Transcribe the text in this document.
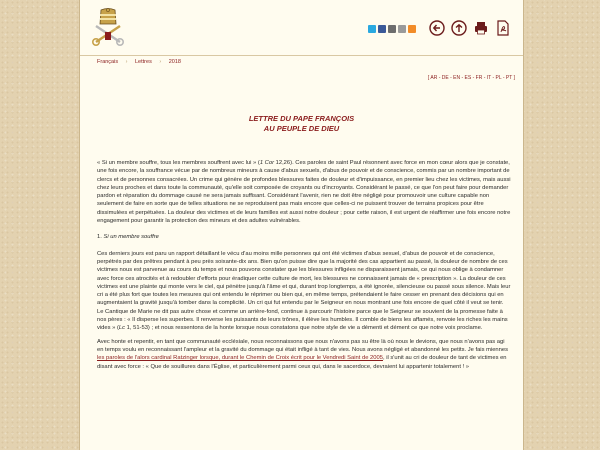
Français › Lettres › 2018
[ AR - DE - EN - ES - FR - IT - PL - PT ]
LETTRE DU PAPE FRANÇOIS
AU PEUPLE DE DIEU

« Si un membre souffre, tous les membres souffrent avec lui » (1 Cor 12,26). Ces paroles de saint Paul résonnent avec force en mon cœur alors que je constate, une fois encore, la souffrance vécue par de nombreux mineurs à cause d'abus sexuels, d'abus de pouvoir et de conscience, commis par un nombre important de clercs et de personnes consacrées. Un crime qui génère de profondes blessures faites de douleur et d'impuissance, en premier lieu chez les victimes, mais aussi chez leurs proches et dans toute la communauté, qu'elle soit composée de croyants ou d'incroyants. Considérant le passé, ce que l'on peut faire pour demander pardon et réparation du dommage causé ne sera jamais suffisant. Considérant l'avenir, rien ne doit être négligé pour promouvoir une culture capable non seulement de faire en sorte que de telles situations ne se reproduisent pas mais encore que celles-ci ne puissent trouver de terrains propices pour être dissimulées et perpétuées. La douleur des victimes et de leurs familles est aussi notre douleur ; pour cette raison, il est urgent de réaffirmer une fois encore notre engagement pour garantir la protection des mineurs et des adultes vulnérables.

1. Si un membre souffre

Ces derniers jours est paru un rapport détaillant le vécu d'au moins mille personnes qui ont été victimes d'abus sexuel, d'abus de pouvoir et de conscience, perpétrés par des prêtres pendant à peu près soixante-dix ans. Bien qu'on puisse dire que la majorité des cas appartient au passé, la douleur de nombre de ces victimes nous est parvenue au cours du temps et nous pouvons constater que les blessures infligées ne disparaissent jamais, ce qui nous oblige à condamner avec force ces atrocités et à redoubler d'efforts pour éradiquer cette culture de mort, les blessures ne connaissent jamais de « prescription ». La douleur de ces victimes est une plainte qui monte vers le ciel, qui pénètre jusqu'à l'âme et qui, durant trop longtemps, a été ignorée, silencieuse ou passé sous silence. Mais leur cri a été plus fort que toutes les mesures qui ont entendu le réprimer ou bien qui, en même temps, prétendaient le faire cesser en prenant des décisions qui en augmentaient la gravité jusqu'à tomber dans la complicité. Un cri qui fut entendu par le Seigneur en nous montrant une fois encore de quel côté il veut se tenir. Le Cantique de Marie ne dit pas autre chose et comme un arrière-fond, continue à parcourir l'histoire parce que le Seigneur se souvient de la promesse faite à nos pères : « Il disperse les superbes. Il renverse les puissants de leurs trônes, il élève les humbles. Il comble de biens les affamés, renvoie les riches les mains vides » (Lc 1, 51-53) ; et nous ressentons de la honte lorsque nous constatons que notre style de vie a démenti et dément ce que notre voix proclame.

Avec honte et repentir, en tant que communauté ecclésiale, nous reconnaissons que nous n'avons pas su être là où nous le devions, que nous n'avons pas agi en temps voulu en reconnaissant l'ampleur et la gravité du dommage qui était infligé à tant de vies. Nous avons négligé et abandonné les petits. Je fais miennes les paroles de l'alors cardinal Ratzinger lorsque, durant le Chemin de Croix écrit pour le Vendredi Saint de 2005, il s'unit au cri de douleur de tant de victimes en disant avec force : « Que de souillures dans l'Église, et particulièrement parmi ceux qui, dans le sacerdoce, devraient lui appartenir totalement ! »
